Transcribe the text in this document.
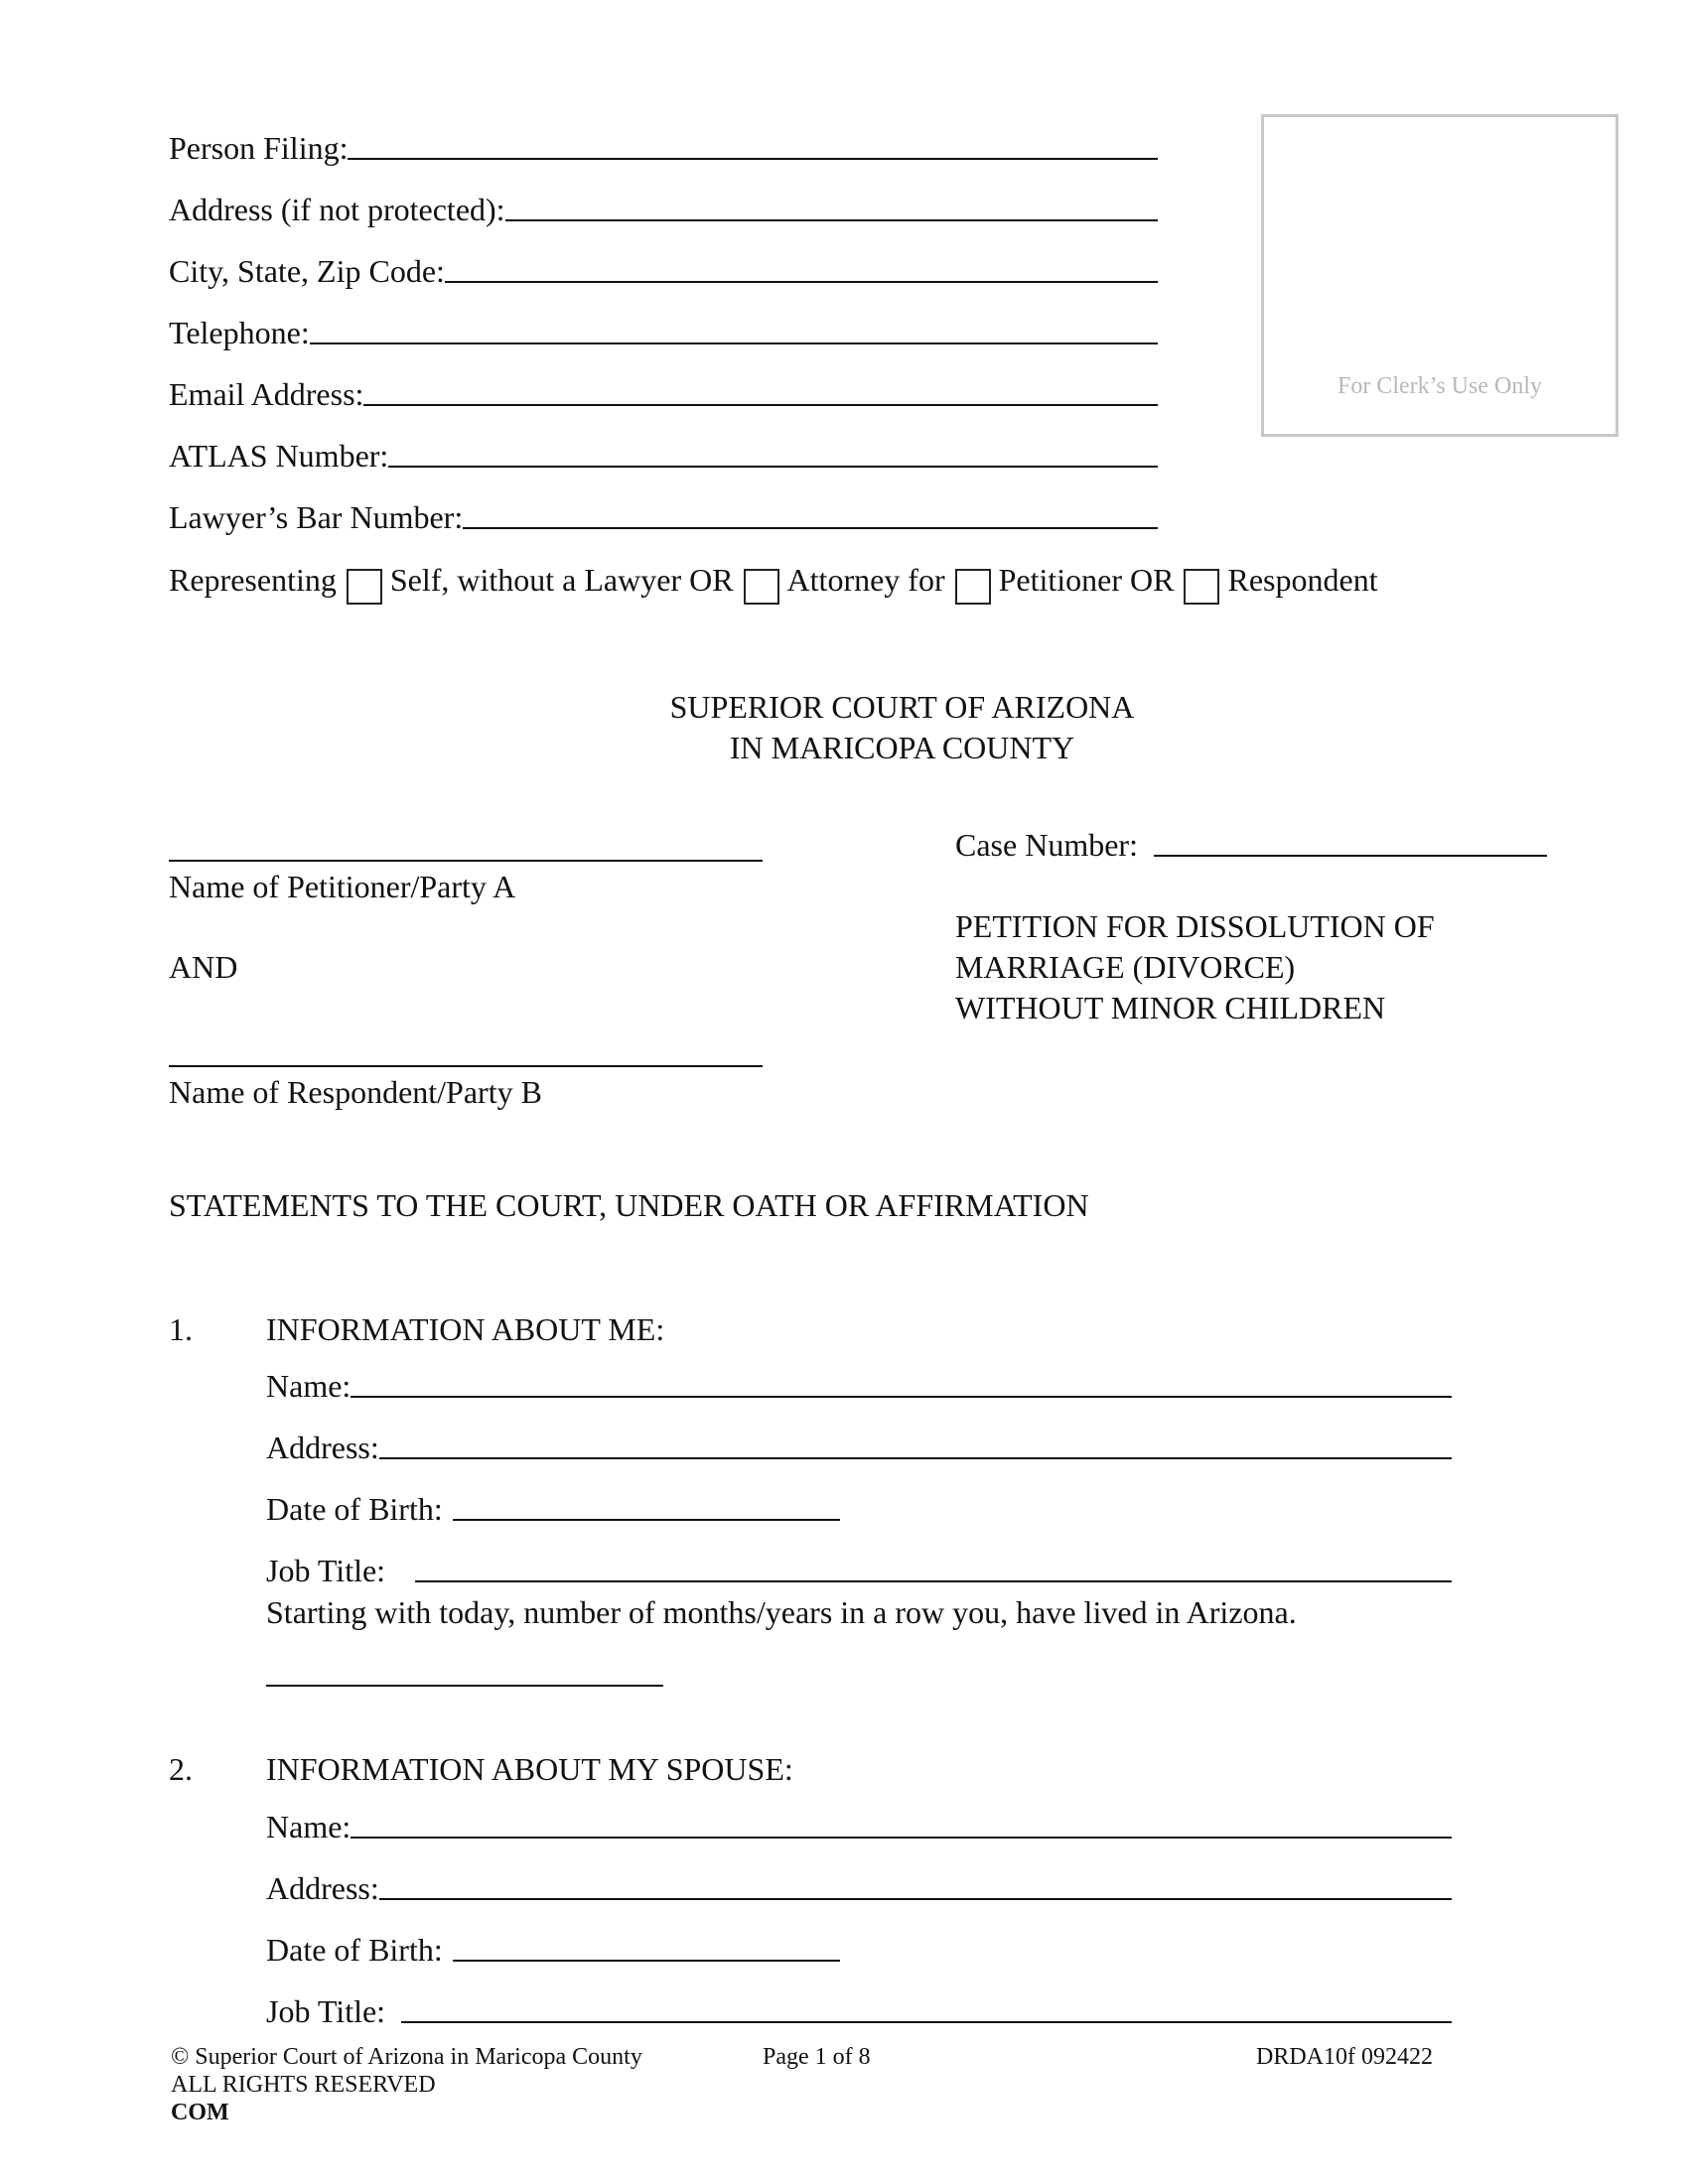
Person Filing:
Address (if not protected):
City, State, Zip Code:
Telephone:
Email Address:
ATLAS Number:
Lawyer’s Bar Number:
Representing Self, without a Lawyer OR Attorney for Petitioner OR Respondent
For Clerk’s Use Only
SUPERIOR COURT OF ARIZONA
IN MARICOPA COUNTY
Name of Petitioner/Party A
AND
Name of Respondent/Party B
Case Number:
PETITION FOR DISSOLUTION OF
MARRIAGE (DIVORCE)
WITHOUT MINOR CHILDREN
STATEMENTS TO THE COURT, UNDER OATH OR AFFIRMATION
1. INFORMATION ABOUT ME:
Name:
Address:
Date of Birth:
Job Title:
Starting with today, number of months/years in a row you, have lived in Arizona.
2. INFORMATION ABOUT MY SPOUSE:
Name:
Address:
Date of Birth:
Job Title:
© Superior Court of Arizona in Maricopa County
ALL RIGHTS RESERVED
COM
Page 1 of 8	DRDA10f 092422
